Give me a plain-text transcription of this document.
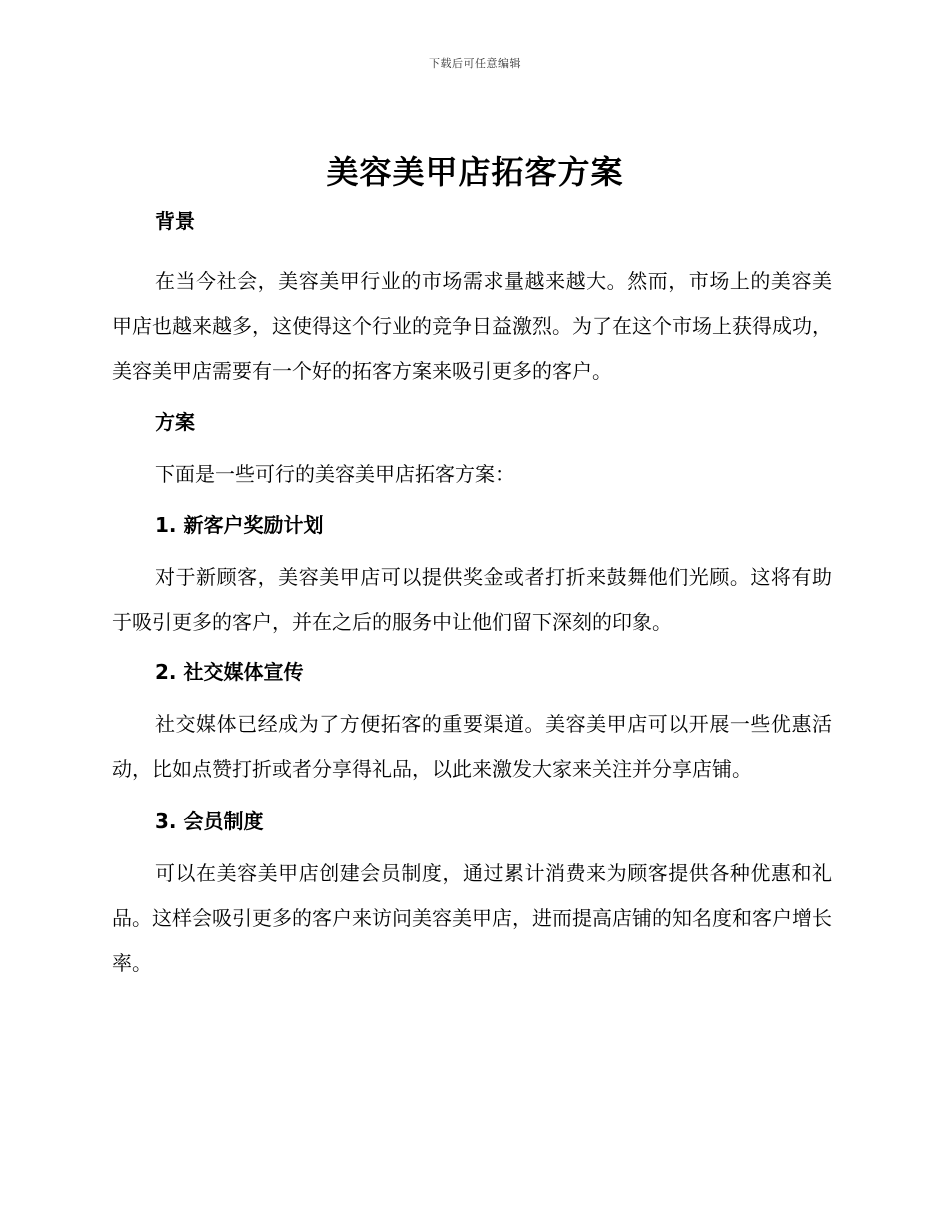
下载后可任意编辑
美容美甲店拓客方案
背景

在当今社会，美容美甲行业的市场需求量越来越大。然而，市场上的美容美甲店也越来越多，这使得这个行业的竞争日益激烈。为了在这个市场上获得成功，美容美甲店需要有一个好的拓客方案来吸引更多的客户。

方案

下面是一些可行的美容美甲店拓客方案：

1. 新客户奖励计划

对于新顾客，美容美甲店可以提供奖金或者打折来鼓舞他们光顾。这将有助于吸引更多的客户，并在之后的服务中让他们留下深刻的印象。

2. 社交媒体宣传

社交媒体已经成为了方便拓客的重要渠道。美容美甲店可以开展一些优惠活动，比如点赞打折或者分享得礼品，以此来激发大家来关注并分享店铺。

3. 会员制度

可以在美容美甲店创建会员制度，通过累计消费来为顾客提供各种优惠和礼品。这样会吸引更多的客户来访问美容美甲店，进而提高店铺的知名度和客户增长率。
